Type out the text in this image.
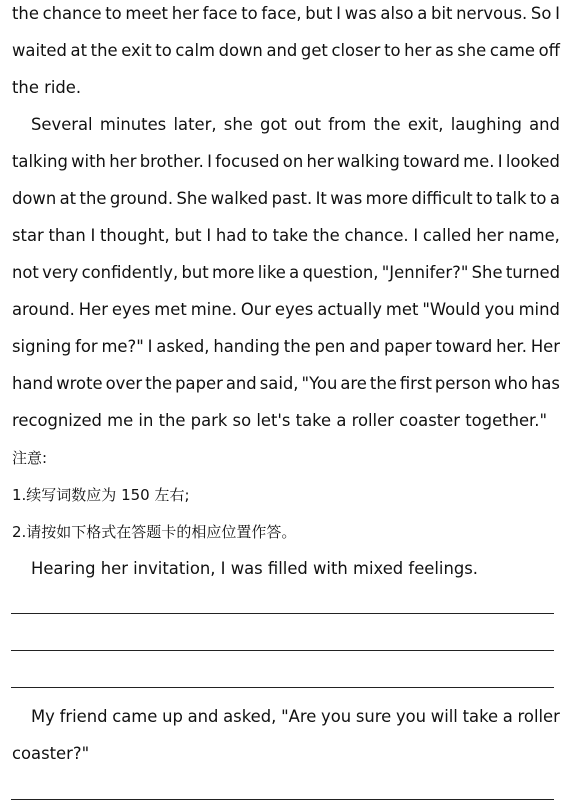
the chance to meet her face to face, but I was also a bit nervous. So I
waited at the exit to calm down and get closer to her as she came off
the ride.
Several minutes later, she got out from the exit, laughing and
talking with her brother. I focused on her walking toward me. I looked
down at the ground. She walked past. It was more difficult to talk to a
star than I thought, but I had to take the chance. I called her name,
not very confidently, but more like a question, "Jennifer?" She turned
around. Her eyes met mine. Our eyes actually met "Would you mind
signing for me?" I asked, handing the pen and paper toward her. Her
hand wrote over the paper and said, "You are the first person who has
recognized me in the park so let's take a roller coaster together."
注意:
1.续写词数应为 150 左右;
2.请按如下格式在答题卡的相应位置作答。
Hearing her invitation, I was filled with mixed feelings.
My friend came up and asked, "Are you sure you will take a roller
coaster?"
